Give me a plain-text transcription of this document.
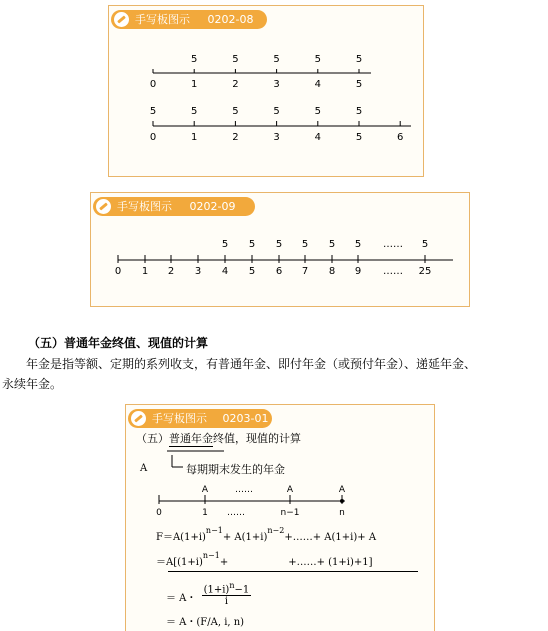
手写板图示 0202-08
0	1
5
2
5
3
5
4
5
5
5
0
5
1
5
2
5
3
5
4
5
5
5
6
手写板图示 0202-09
0 1 2 3 4
5
5
5
6
5
7
5
8
5
9
5
……
……
25
5

（五）普通年金终值、现值的计算

年金是指等额、定期的系列收支，有普通年金、即付年金（或预付年金）、递延年金、

永续年金。

手写板图示 0203-01
（五）普通年金终值，现值的计算
每期期末发生的年金
A
0	1 ……	n−1	n
A	……	A	A
$F=A(1+i)^{n-1}+$ $A(1+i)^{n-2}+\dots\dots+ A(1+i)+ A$
$=A[(1+i)^{n-1}+$	+……+ (1+i)+1]
＝ A・ $\frac{(1+i)^n-1}{i}$
＝ A・(F/A, i, n)
